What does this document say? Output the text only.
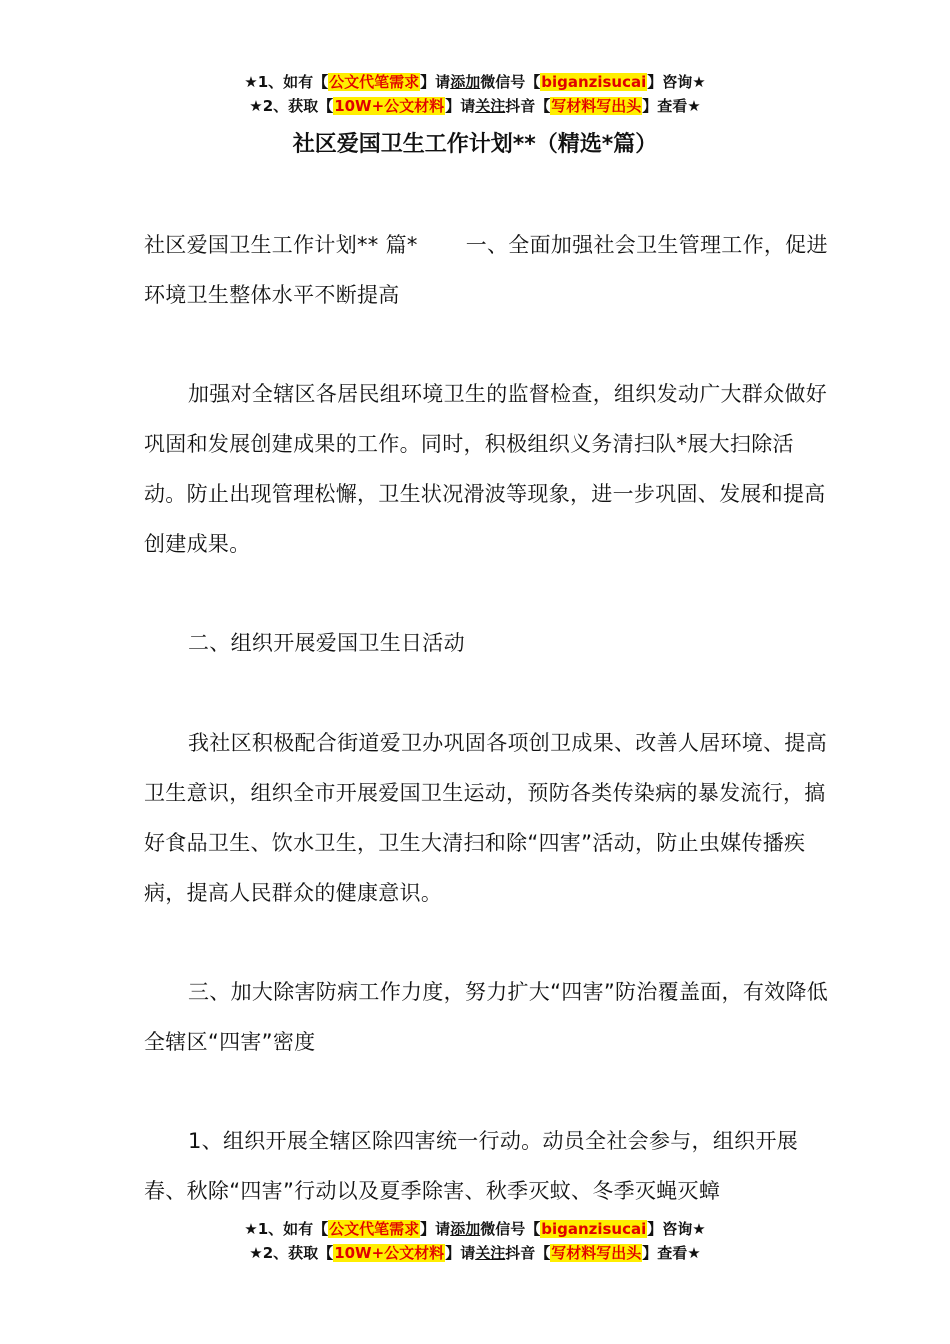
★1、如有【公文代笔需求】请添加微信号【biganzisucai】咨询★
★2、获取【10W+公文材料】请关注抖音【写材料写出头】查看★
社区爱国卫生工作计划**（精选*篇）
社区爱国卫生工作计划** 篇* 一、全面加强社会卫生管理工作，促进环境卫生整体水平不断提高
加强对全辖区各居民组环境卫生的监督检查，组织发动广大群众做好巩固和发展创建成果的工作。同时，积极组织义务清扫队*展大扫除活动。防止出现管理松懈，卫生状况滑波等现象，进一步巩固、发展和提高创建成果。
二、组织开展爱国卫生日活动
我社区积极配合街道爱卫办巩固各项创卫成果、改善人居环境、提高卫生意识，组织全市开展爱国卫生运动，预防各类传染病的暴发流行，搞好食品卫生、饮水卫生，卫生大清扫和除“四害”活动，防止虫媒传播疾病，提高人民群众的健康意识。
三、加大除害防病工作力度，努力扩大“四害”防治覆盖面，有效降低全辖区“四害”密度
1、组织开展全辖区除四害统一行动。动员全社会参与，组织开展春、秋除“四害”行动以及夏季除害、秋季灭蚊、冬季灭蝇灭蟑
★1、如有【公文代笔需求】请添加微信号【biganzisucai】咨询★
★2、获取【10W+公文材料】请关注抖音【写材料写出头】查看★
